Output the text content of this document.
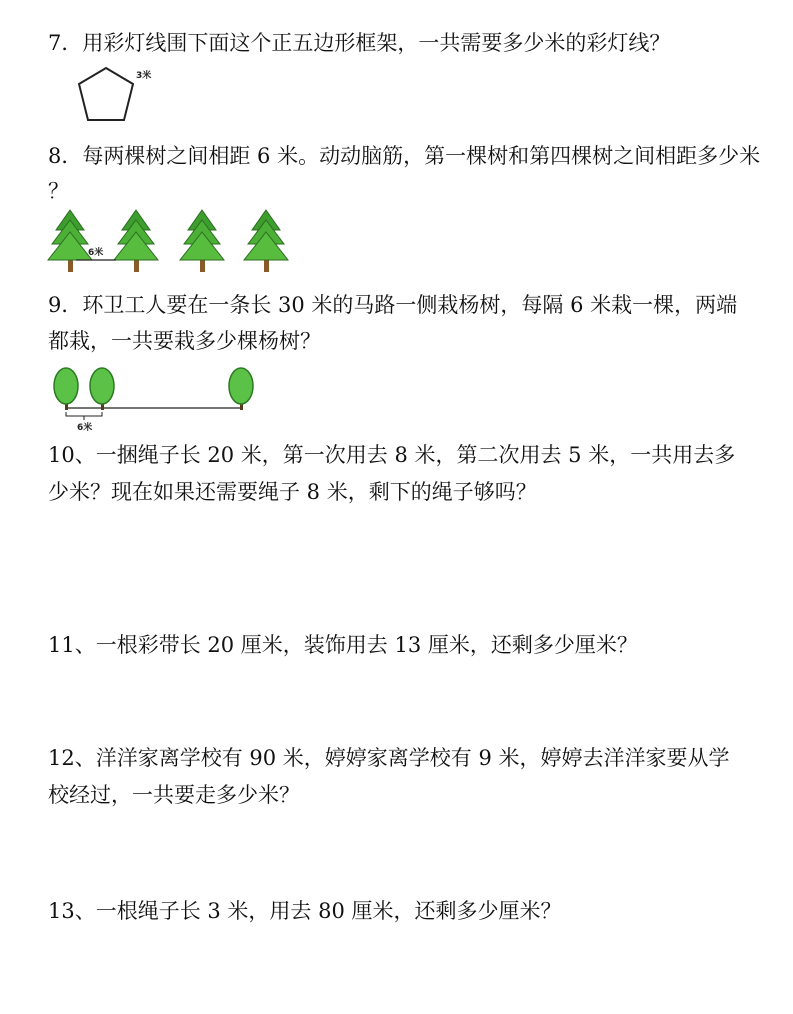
7．用彩灯线围下面这个正五边形框架，一共需要多少米的彩灯线？
3米
8．每两棵树之间相距 6 米。动动脑筋，第一棵树和第四棵树之间相距多少米
？
6米
9．环卫工人要在一条长 30 米的马路一侧栽杨树，每隔 6 米栽一棵，两端
都栽，一共要栽多少棵杨树？
6米
10、一捆绳子长 20 米，第一次用去 8 米，第二次用去 5 米，一共用去多
少米？现在如果还需要绳子 8 米，剩下的绳子够吗？
11、一根彩带长 20 厘米，装饰用去 13 厘米，还剩多少厘米？
12、洋洋家离学校有 90 米，婷婷家离学校有 9 米，婷婷去洋洋家要从学
校经过，一共要走多少米？
13、一根绳子长 3 米，用去 80 厘米，还剩多少厘米？
